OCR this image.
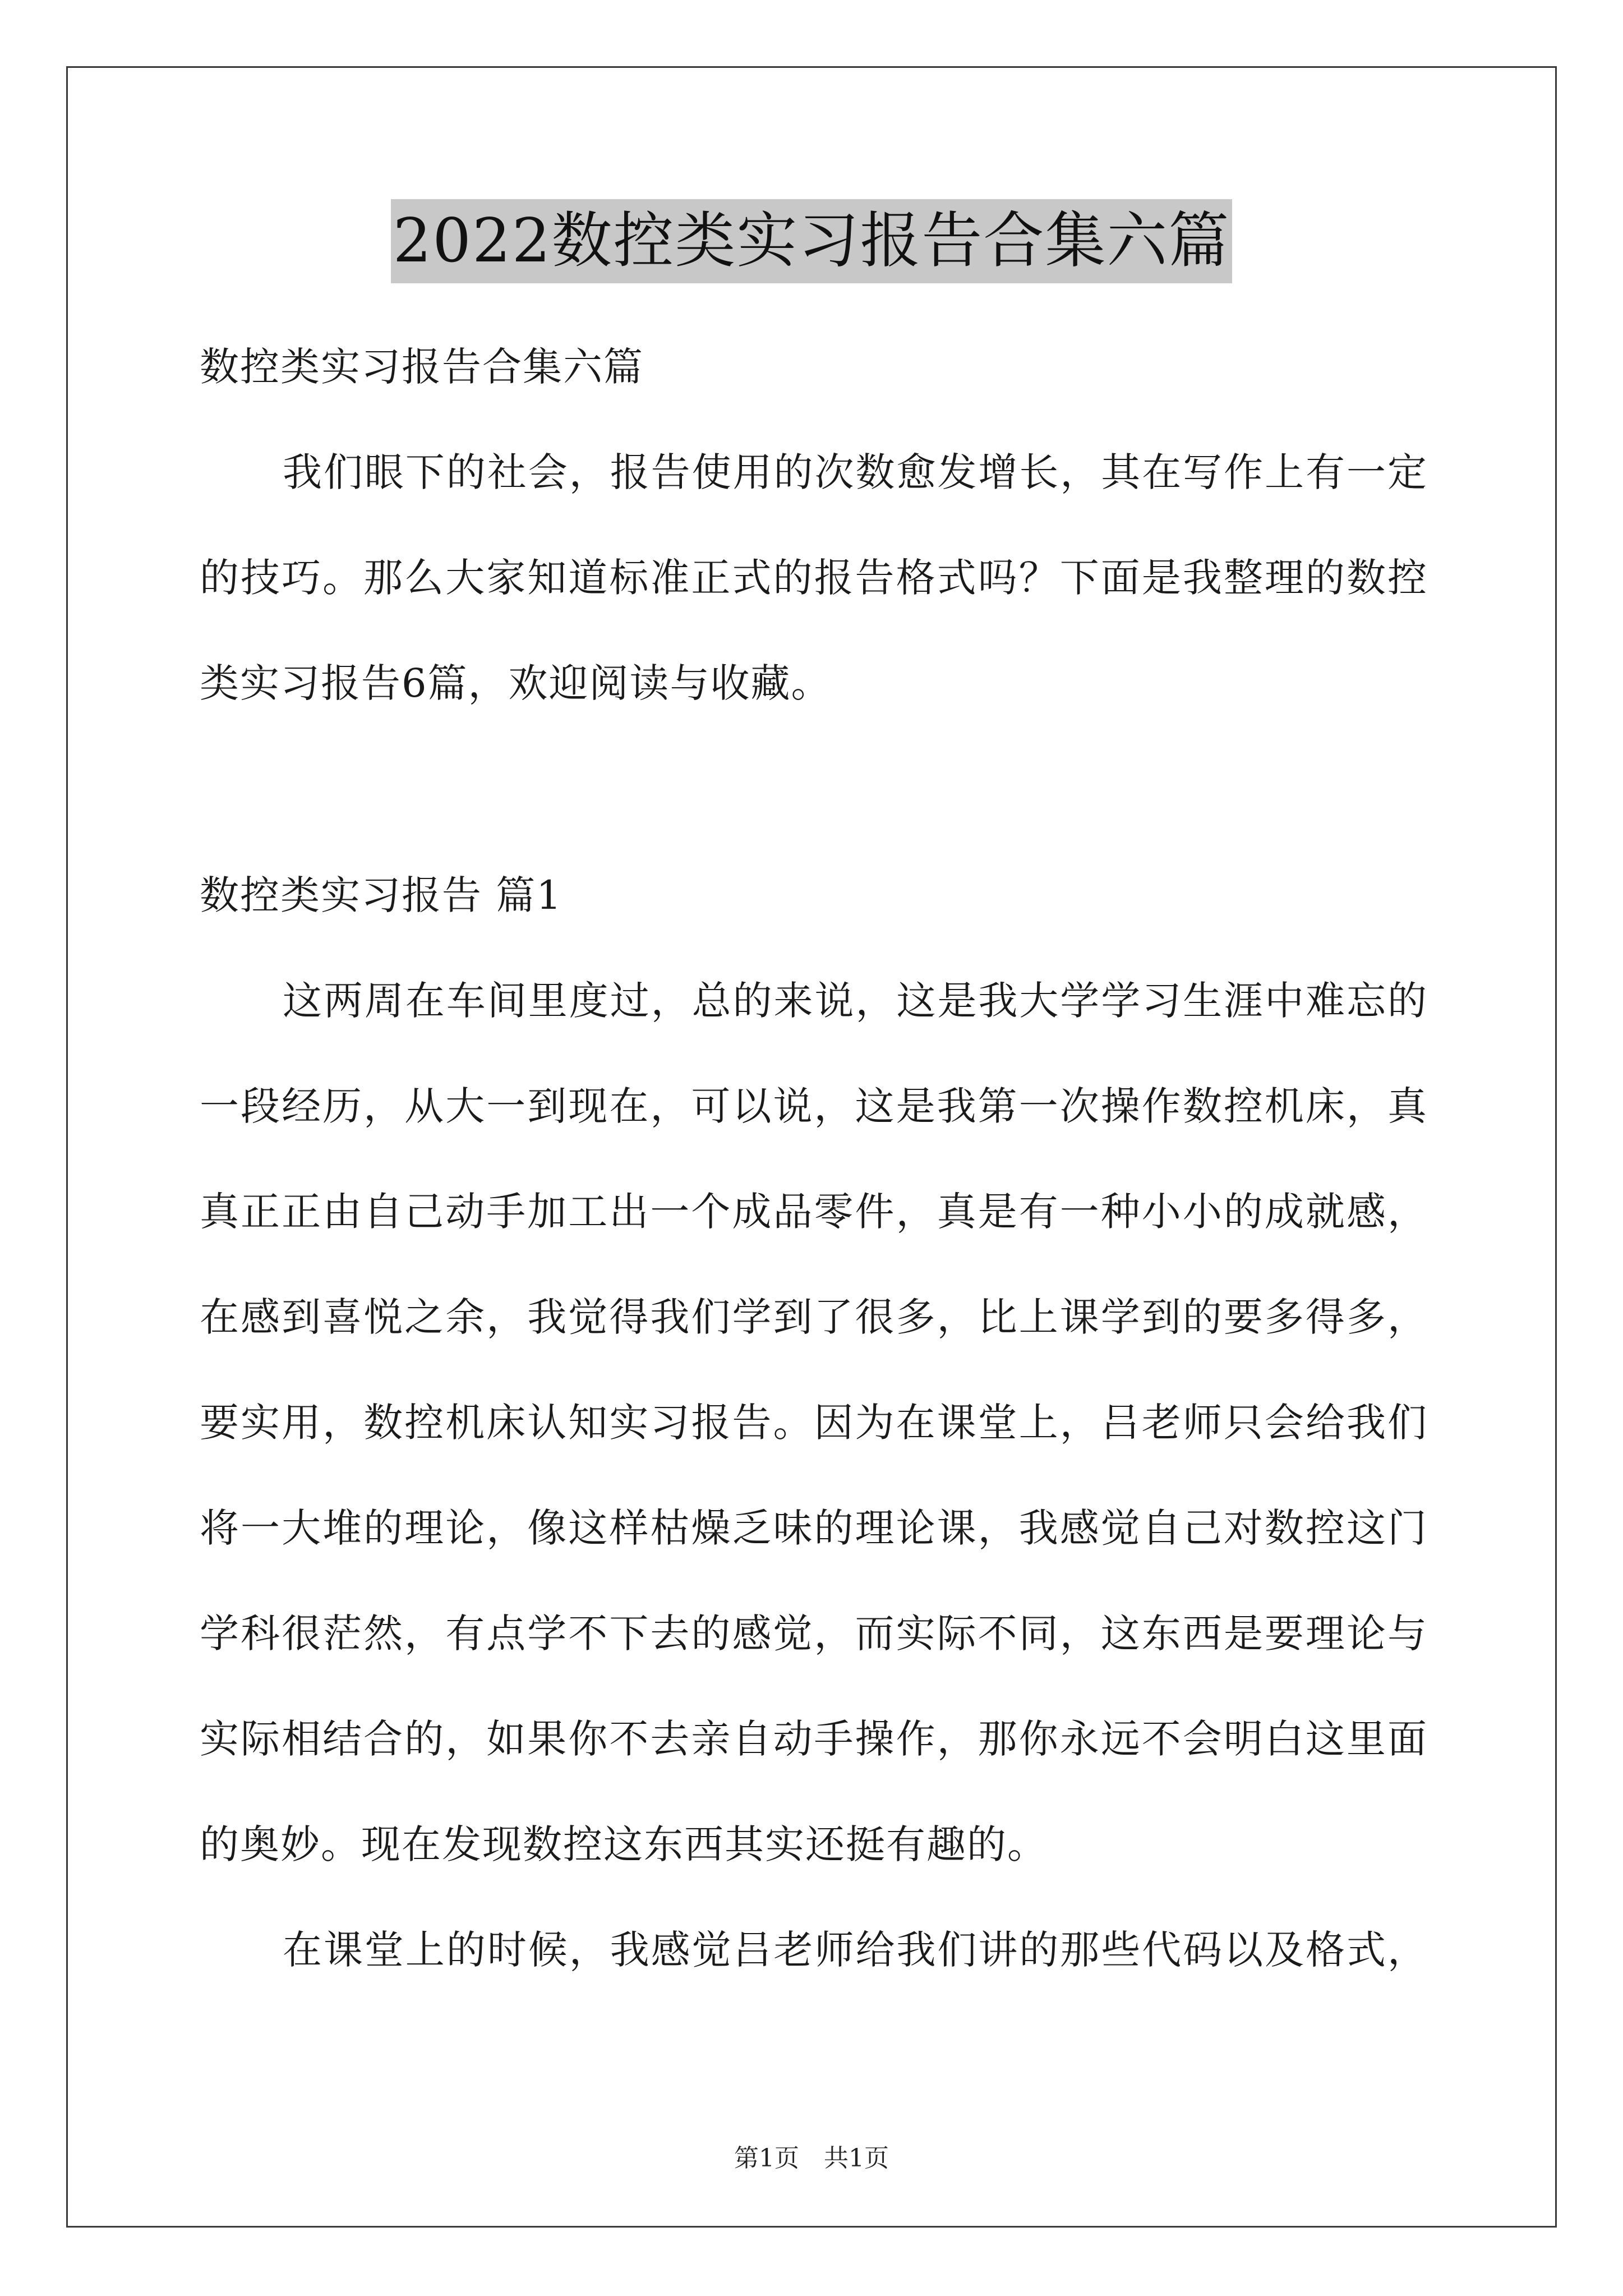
2022数控类实习报告合集六篇

数控类实习报告合集六篇

我们眼下的社会，报告使用的次数愈发增长，其在写作上有一定

的技巧。那么大家知道标准正式的报告格式吗？下面是我整理的数控

类实习报告6篇，欢迎阅读与收藏。

数控类实习报告 篇1

这两周在车间里度过，总的来说，这是我大学学习生涯中难忘的

一段经历，从大一到现在，可以说，这是我第一次操作数控机床，真

真正正由自己动手加工出一个成品零件，真是有一种小小的成就感，

在感到喜悦之余，我觉得我们学到了很多，比上课学到的要多得多，

要实用，数控机床认知实习报告。因为在课堂上，吕老师只会给我们

将一大堆的理论，像这样枯燥乏味的理论课，我感觉自己对数控这门

学科很茫然，有点学不下去的感觉，而实际不同，这东西是要理论与

实际相结合的，如果你不去亲自动手操作，那你永远不会明白这里面

的奥妙。现在发现数控这东西其实还挺有趣的。

在课堂上的时候，我感觉吕老师给我们讲的那些代码以及格式，

第1页　共1页
